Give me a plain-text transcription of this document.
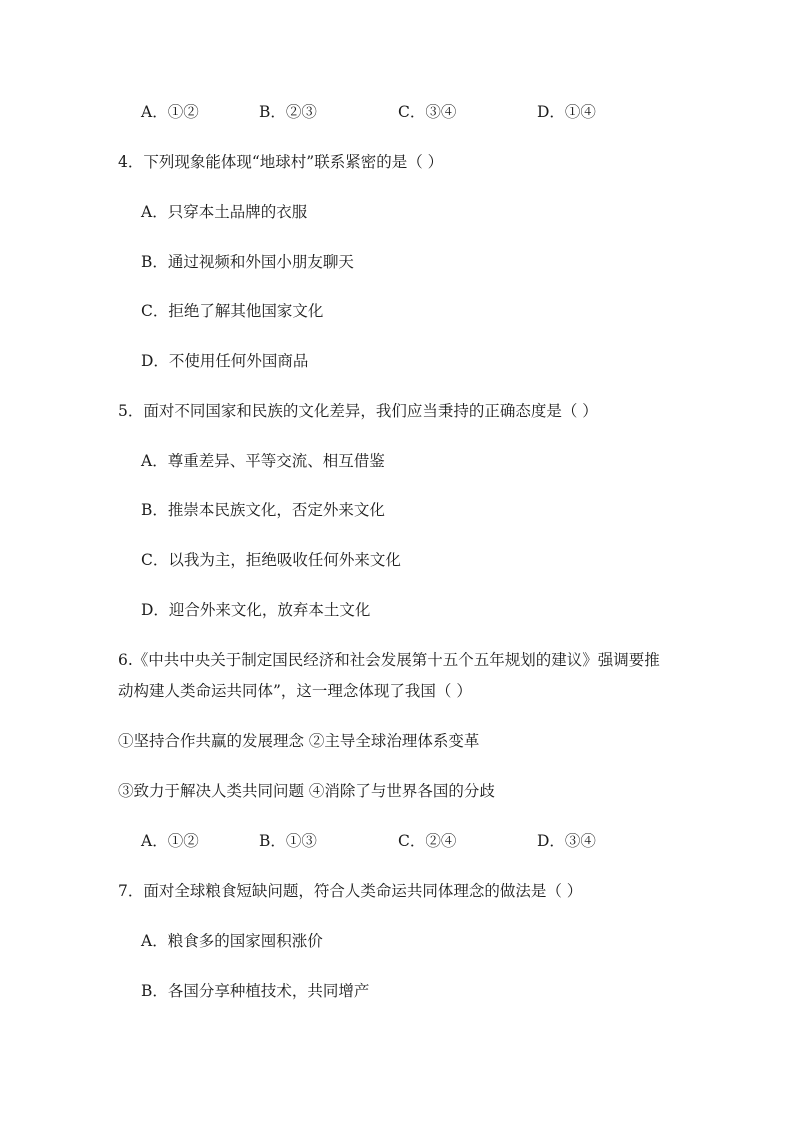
A．①②	B．②③	C．③④	D．①④
4．下列现象能体现“地球村”联系紧密的是（ ）
A．只穿本土品牌的衣服
B．通过视频和外国小朋友聊天
C．拒绝了解其他国家文化
D．不使用任何外国商品
5．面对不同国家和民族的文化差异，我们应当秉持的正确态度是（ ）
A．尊重差异、平等交流、相互借鉴
B．推崇本民族文化，否定外来文化
C．以我为主，拒绝吸收任何外来文化
D．迎合外来文化，放弃本土文化
6.《中共中央关于制定国民经济和社会发展第十五个五年规划的建议》强调要推
动构建人类命运共同体”，这一理念体现了我国（ ）
①坚持合作共赢的发展理念 ②主导全球治理体系变革
③致力于解决人类共同问题 ④消除了与世界各国的分歧
A．①②	B．①③	C．②④	D．③④
7．面对全球粮食短缺问题，符合人类命运共同体理念的做法是（ ）
A．粮食多的国家囤积涨价
B．各国分享种植技术，共同增产
